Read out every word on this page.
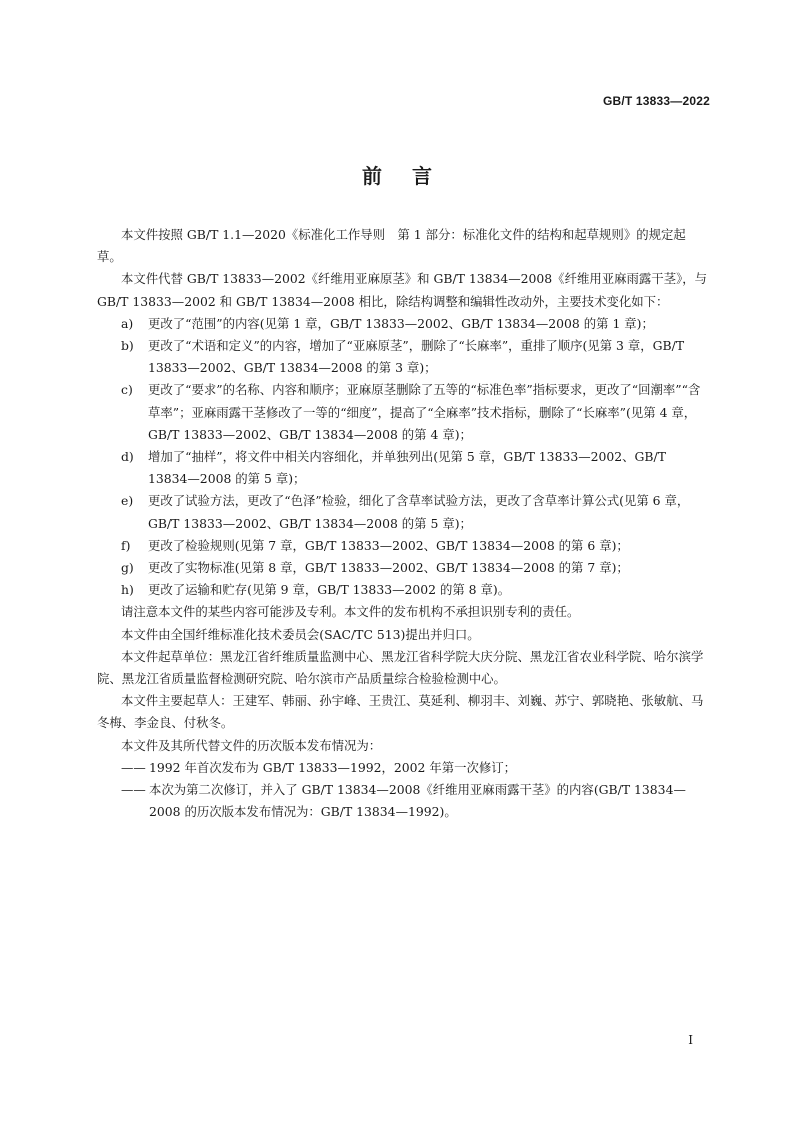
GB/T 13833—2022
前言

本文件按照 GB/T 1.1—2020《标准化工作导则　第 1 部分：标准化文件的结构和起草规则》的规定起草。

本文件代替 GB/T 13833—2002《纤维用亚麻原茎》和 GB/T 13834—2008《纤维用亚麻雨露干茎》，与 GB/T 13833—2002 和 GB/T 13834—2008 相比，除结构调整和编辑性改动外，主要技术变化如下：

a)	更改了“范围”的内容(见第 1 章，GB/T 13833—2002、GB/T 13834—2008 的第 1 章)；
b)	更改了“术语和定义”的内容，增加了“亚麻原茎”，删除了“长麻率”，重排了顺序(见第 3 章，GB/T 13833—2002、GB/T 13834—2008 的第 3 章)；
c)	更改了“要求”的名称、内容和顺序；亚麻原茎删除了五等的“标准色率”指标要求，更改了“回潮率”“含草率”；亚麻雨露干茎修改了一等的“细度”，提高了“全麻率”技术指标，删除了“长麻率”(见第 4 章，GB/T 13833—2002、GB/T 13834—2008 的第 4 章)；
d)	增加了“抽样”，将文件中相关内容细化，并单独列出(见第 5 章，GB/T 13833—2002、GB/T 13834—2008 的第 5 章)；
e)	更改了试验方法，更改了“色泽”检验，细化了含草率试验方法，更改了含草率计算公式(见第 6 章，GB/T 13833—2002、GB/T 13834—2008 的第 5 章)；
f)	更改了检验规则(见第 7 章，GB/T 13833—2002、GB/T 13834—2008 的第 6 章)；
g)	更改了实物标准(见第 8 章，GB/T 13833—2002、GB/T 13834—2008 的第 7 章)；
h)	更改了运输和贮存(见第 9 章，GB/T 13833—2002 的第 8 章)。

请注意本文件的某些内容可能涉及专利。本文件的发布机构不承担识别专利的责任。

本文件由全国纤维标准化技术委员会(SAC/TC 513)提出并归口。

本文件起草单位：黑龙江省纤维质量监测中心、黑龙江省科学院大庆分院、黑龙江省农业科学院、哈尔滨学院、黑龙江省质量监督检测研究院、哈尔滨市产品质量综合检验检测中心。

本文件主要起草人：王建军、韩丽、孙宇峰、王贵江、莫延利、柳羽丰、刘巍、苏宁、郭晓艳、张敏航、马冬梅、李金良、付秋冬。

本文件及其所代替文件的历次版本发布情况为：

—— 1992 年首次发布为 GB/T 13833—1992，2002 年第一次修订；
—— 本次为第二次修订，并入了 GB/T 13834—2008《纤维用亚麻雨露干茎》的内容(GB/T 13834—2008 的历次版本发布情况为：GB/T 13834—1992)。
I
